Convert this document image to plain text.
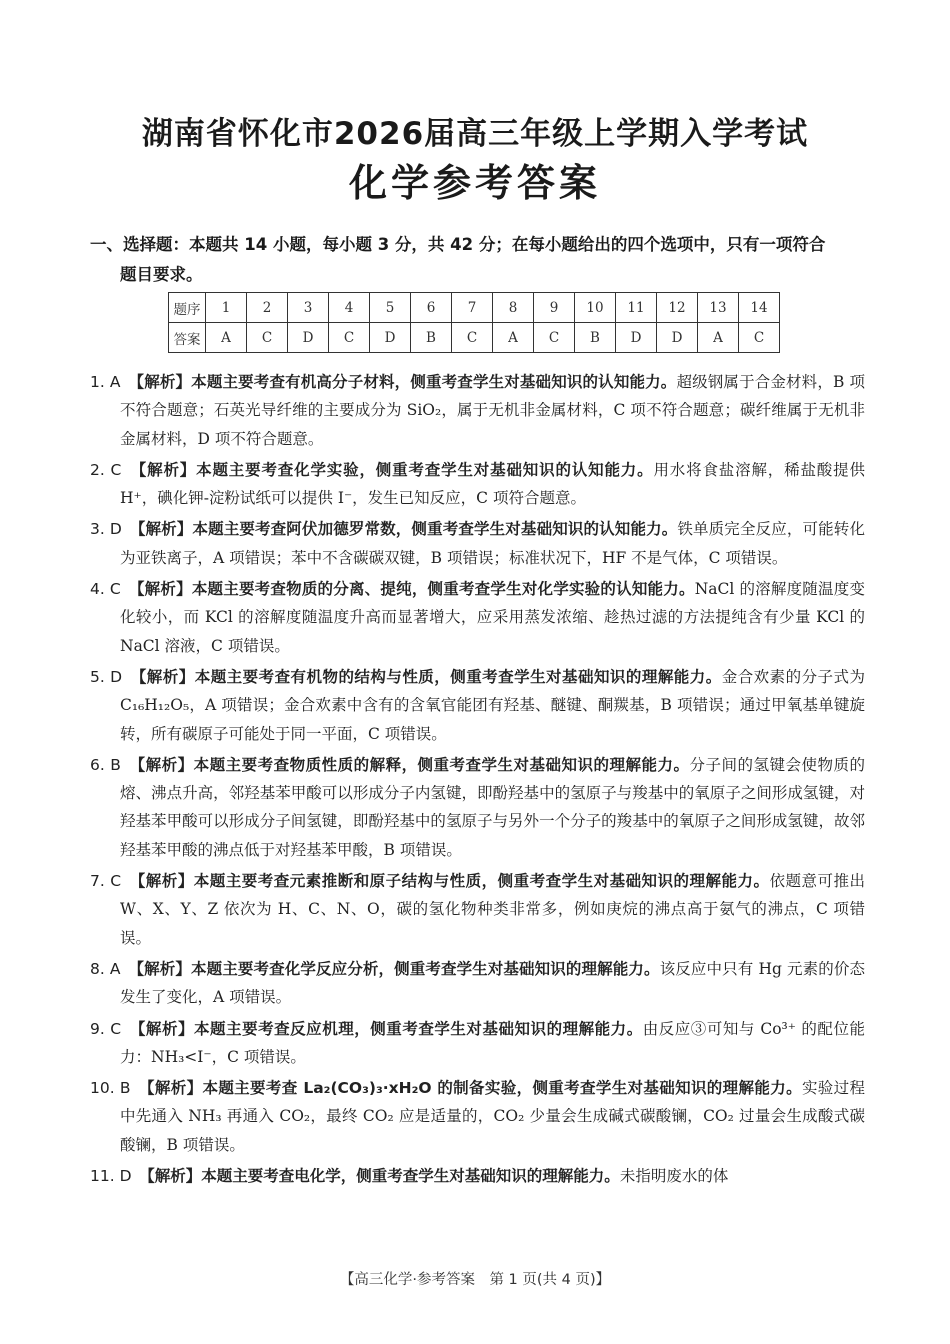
湖南省怀化市2026届高三年级上学期入学考试
化学参考答案
一、选择题：本题共 14 小题，每小题 3 分，共 42 分；在每小题给出的四个选项中，只有一项符合
题目要求。
题序	1	2	3	4	5	6	7	8	9	10	11	12	13	14
答案	A	C	D	C	D	B	C	A	C	B	D	D	A	C
1. A　 【解析】本题主要考查有机高分子材料，侧重考查学生对基础知识的认知能力。超级钢属于合金材料，B 项不符合题意；石英光导纤维的主要成分为 SiO₂，属于无机非金属材料，C 项不符合题意；碳纤维属于无机非金属材料，D 项不符合题意。
2. C　 【解析】本题主要考查化学实验，侧重考查学生对基础知识的认知能力。用水将食盐溶解，稀盐酸提供 H⁺，碘化钾-淀粉试纸可以提供 I⁻，发生已知反应，C 项符合题意。
3. D　 【解析】本题主要考查阿伏加德罗常数，侧重考查学生对基础知识的认知能力。铁单质完全反应，可能转化为亚铁离子，A 项错误；苯中不含碳碳双键，B 项错误；标准状况下，HF 不是气体，C 项错误。
4. C　 【解析】本题主要考查物质的分离、提纯，侧重考查学生对化学实验的认知能力。NaCl 的溶解度随温度变化较小，而 KCl 的溶解度随温度升高而显著增大，应采用蒸发浓缩、趁热过滤的方法提纯含有少量 KCl 的 NaCl 溶液，C 项错误。
5. D　 【解析】本题主要考查有机物的结构与性质，侧重考查学生对基础知识的理解能力。金合欢素的分子式为 C₁₆H₁₂O₅，A 项错误；金合欢素中含有的含氧官能团有羟基、醚键、酮羰基，B 项错误；通过甲氧基单键旋转，所有碳原子可能处于同一平面，C 项错误。
6. B　 【解析】本题主要考查物质性质的解释，侧重考查学生对基础知识的理解能力。分子间的氢键会使物质的熔、沸点升高，邻羟基苯甲酸可以形成分子内氢键，即酚羟基中的氢原子与羧基中的氧原子之间形成氢键，对羟基苯甲酸可以形成分子间氢键，即酚羟基中的氢原子与另外一个分子的羧基中的氧原子之间形成氢键，故邻羟基苯甲酸的沸点低于对羟基苯甲酸，B 项错误。
7. C　 【解析】本题主要考查元素推断和原子结构与性质，侧重考查学生对基础知识的理解能力。依题意可推出 W、X、Y、Z 依次为 H、C、N、O，碳的氢化物种类非常多，例如庚烷的沸点高于氨气的沸点，C 项错误。
8. A　 【解析】本题主要考查化学反应分析，侧重考查学生对基础知识的理解能力。该反应中只有 Hg 元素的价态发生了变化，A 项错误。
9. C　 【解析】本题主要考查反应机理，侧重考查学生对基础知识的理解能力。由反应③可知与 Co³⁺ 的配位能力：NH₃<I⁻，C 项错误。
10. B　 【解析】本题主要考查 La₂(CO₃)₃·xH₂O 的制备实验，侧重考查学生对基础知识的理解能力。实验过程中先通入 NH₃ 再通入 CO₂，最终 CO₂ 应是适量的，CO₂ 少量会生成碱式碳酸镧，CO₂ 过量会生成酸式碳酸镧，B 项错误。
11. D　 【解析】本题主要考查电化学，侧重考查学生对基础知识的理解能力。未指明废水的体
【高三化学·参考答案　第 1 页(共 4 页)】
